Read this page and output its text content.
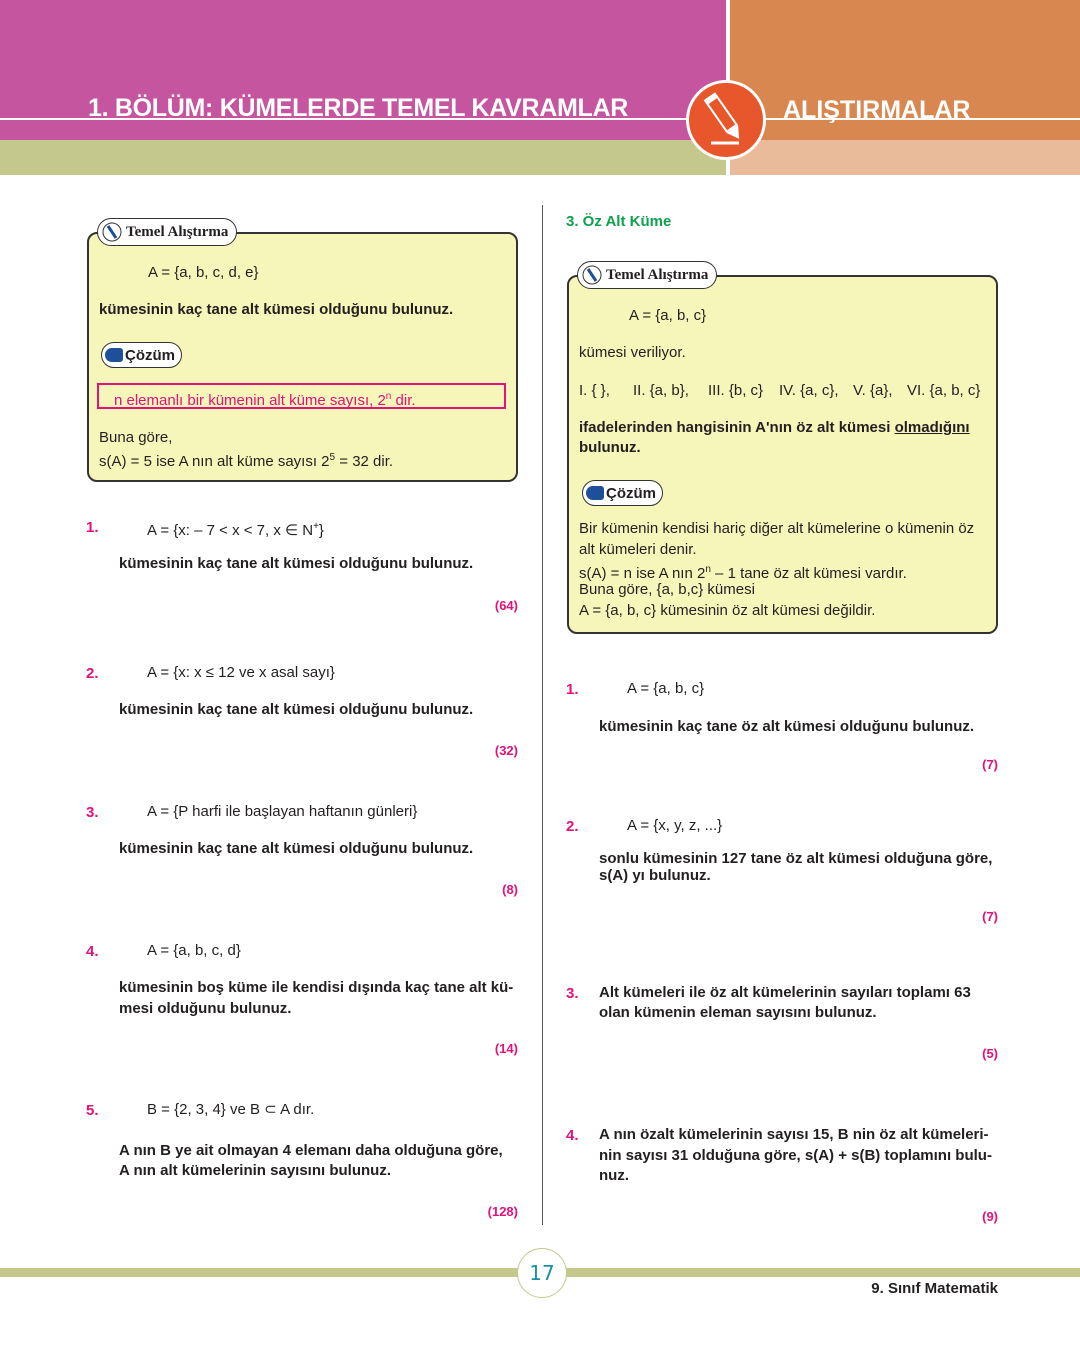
1. BÖLÜM: KÜMELERDE TEMEL KAVRAMLAR	ALIŞTIRMALAR
Temel Alıştırma
A = {a, b, c, d, e}
kümesinin kaç tane alt kümesi olduğunu bulunuz.
Çözüm
n elemanlı bir kümenin alt küme sayısı, 2$^n$ dir.
Buna göre,
s(A) = 5 ise A nın alt küme sayısı $2^5 = 32$ dir.
1.	A = {x: – 7 < x < 7, x ∈ N+}
kümesinin kaç tane alt kümesi olduğunu bulunuz.
(64)
2.	A = {x: x ≤ 12 ve x asal sayı}
kümesinin kaç tane alt kümesi olduğunu bulunuz.
(32)
3.	A = {P harfi ile başlayan haftanın günleri}
kümesinin kaç tane alt kümesi olduğunu bulunuz.
(8)
4.	A = {a, b, c, d}
kümesinin boş küme ile kendisi dışında kaç tane alt kü-
mesi olduğunu bulunuz.
(14)
5.	B = {2, 3, 4} ve B ⊂ A dır.
A nın B ye ait olmayan 4 elemanı daha olduğuna göre,
A nın alt kümelerinin sayısını bulunuz.
(128)
3. Öz Alt Küme
Temel Alıştırma
A = {a, b, c}
kümesi veriliyor.
I. { }, II. {a, b}, III. {b, c} IV. {a, c}, V. {a}, VI. {a, b, c}
ifadelerinden hangisinin A'nın öz alt kümesi olmadığını
bulunuz.
Çözüm
Bir kümenin kendisi hariç diğer alt kümelerine o kümenin öz
alt kümeleri denir.
s(A) = n ise A nın 2$^n$ – 1 tane öz alt kümesi vardır.
Buna göre, {a, b,c} kümesi
A = {a, b, c} kümesinin öz alt kümesi değildir.
1.	A = {a, b, c}
kümesinin kaç tane öz alt kümesi olduğunu bulunuz.
(7)
2.	A = {x, y, z, ...}
sonlu kümesinin 127 tane öz alt kümesi olduğuna göre,
s(A) yı bulunuz.
(7)
3. Alt kümeleri ile öz alt kümelerinin sayıları toplamı 63
olan kümenin eleman sayısını bulunuz.
(5)
4. A nın özalt kümelerinin sayısı 15, B nin öz alt kümeleri-
nin sayısı 31 olduğuna göre, s(A) + s(B) toplamını bulu-
nuz.
(9)
17
9. Sınıf Matematik
